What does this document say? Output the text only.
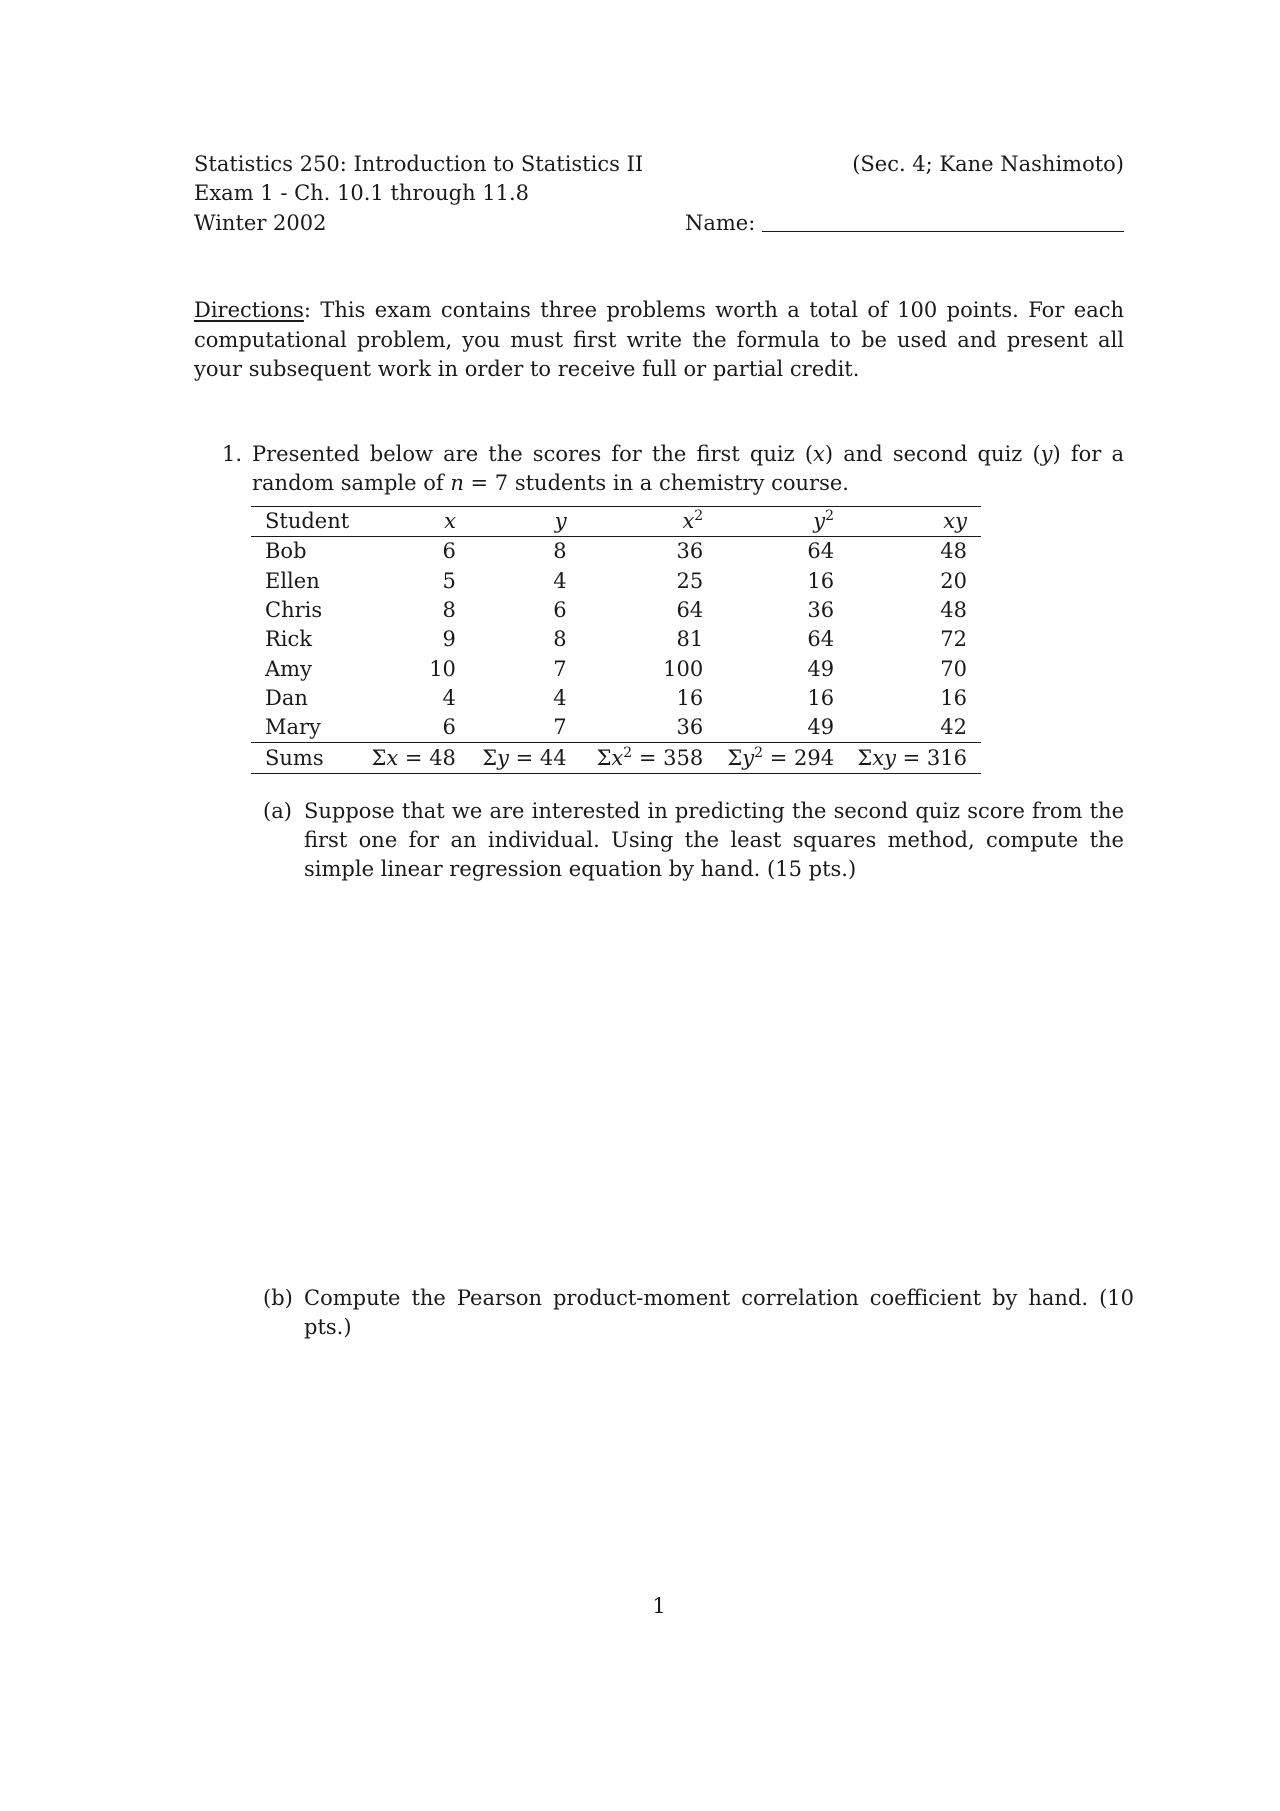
Statistics 250: Introduction to Statistics II
Exam 1 - Ch. 10.1 through 11.8
Winter 2002
(Sec. 4; Kane Nashimoto)
Name:
Directions: This exam contains three problems worth a total of 100 points. For each computational problem, you must first write the formula to be used and present all your subsequent work in order to receive full or partial credit.
1. Presented below are the scores for the first quiz (x) and second quiz (y) for a random sample of n = 7 students in a chemistry course.
Student	x	y	$x^2$	$y^2$	xy
Bob	6	8	36	64	48
Ellen	5	4	25	16	20
Chris	8	6	64	36	48
Rick	9	8	81	64	72
Amy	10	7	100	49	70
Dan	4	4	16	16	16
Mary	6	7	36	49	42
Sums	Σx = 48	Σy = 44	$\Sigma x^2 = 358$	$\Sigma y^2 = 294$	Σxy = 316
(a) Suppose that we are interested in predicting the second quiz score from the first one for an individual. Using the least squares method, compute the simple linear regression equation by hand. (15 pts.)
(b) Compute the Pearson product-moment correlation coefficient by hand. (10 pts.)
1
